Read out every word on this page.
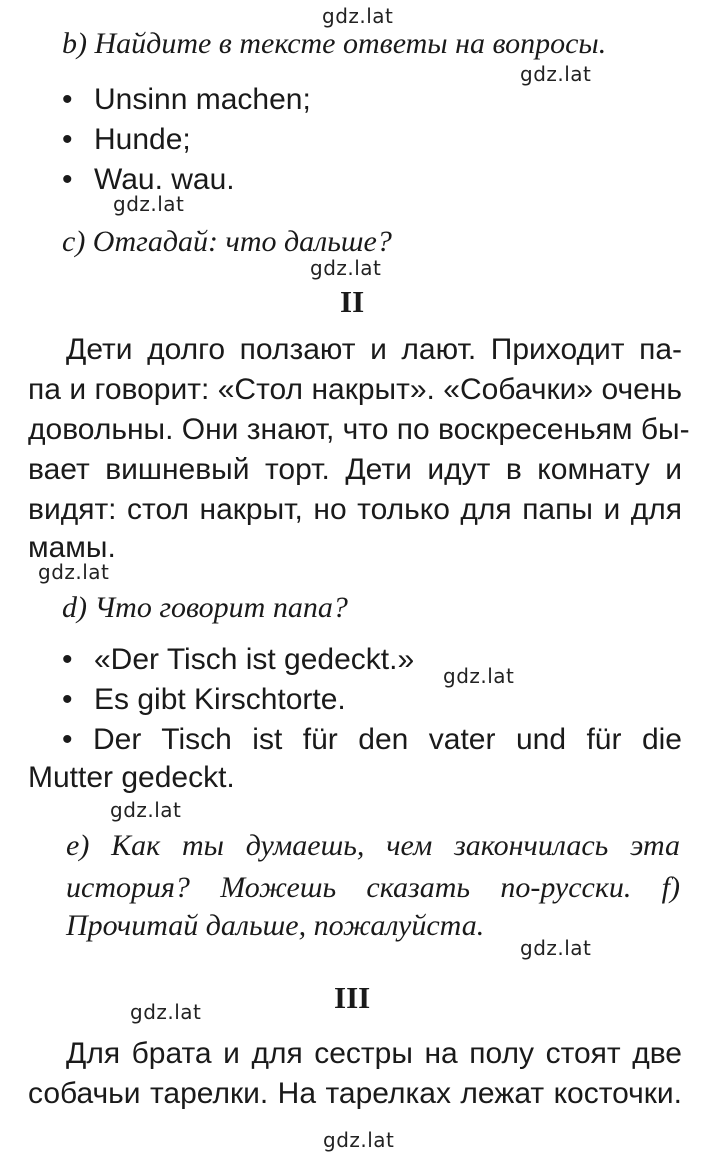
gdz.lat
gdz.lat
gdz.lat
gdz.lat
gdz.lat
gdz.lat
gdz.lat
gdz.lat
gdz.lat
gdz.lat
b) Найдите в тексте ответы на вопросы.
• Unsinn machen;
• Hunde;
• Wau. wau.
c) Отгадай: что дальше?
II
Дети долго ползают и лают. Приходит па-
па и говорит: «Стол накрыт». «Собачки» очень
довольны. Они знают, что по воскресеньям бы-
вает вишневый торт. Дети идут в комнату и
видят: стол накрыт, но только для папы и для
мамы.
d) Что говорит папа?
• «Der Tisch ist gedeckt.»
• Es gibt Kirschtorte.
• Der Tisch ist für den vater und für die
Mutter gedeckt.
e) Как ты думаешь, чем закончилась эта
история? Можешь сказать по-русски. f)
Прочитай дальше, пожалуйста.
III
Для брата и для сестры на полу стоят две
собачьи тарелки. На тарелках лежат косточки.
